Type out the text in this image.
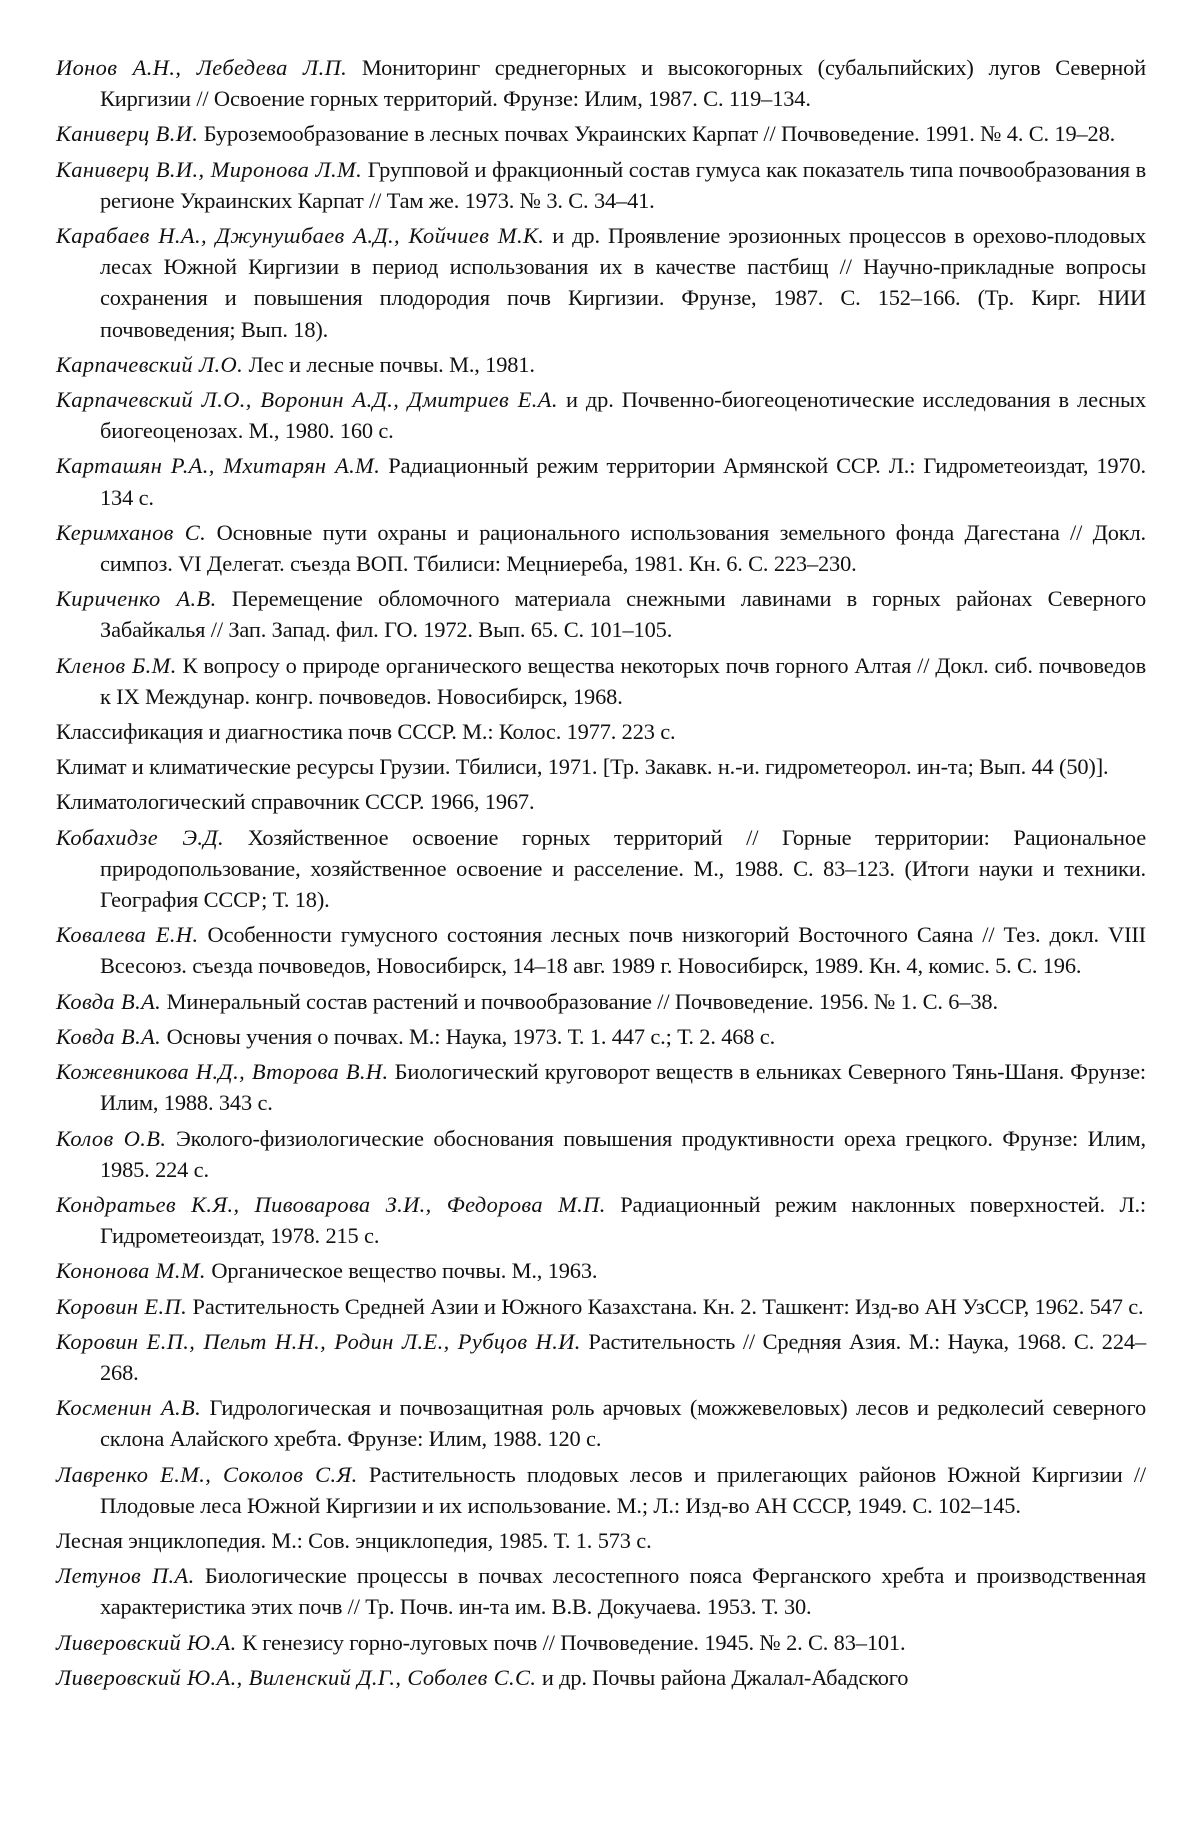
Ионов А.Н., Лебедева Л.П. Мониторинг среднегорных и высокогорных (субальпийских) лугов Северной Киргизии // Освоение горных территорий. Фрунзе: Илим, 1987. С. 119–134.

Каниверц В.И. Буроземообразование в лесных почвах Украинских Карпат // Почвоведение. 1991. № 4. С. 19–28.

Каниверц В.И., Миронова Л.М. Групповой и фракционный состав гумуса как показатель типа почвообразования в регионе Украинских Карпат // Там же. 1973. № 3. С. 34–41.

Карабаев Н.А., Джунушбаев А.Д., Койчиев М.К. и др. Проявление эрозионных процессов в орехово-плодовых лесах Южной Киргизии в период использования их в качестве пастбищ // Научно-прикладные вопросы сохранения и повышения плодородия почв Киргизии. Фрунзе, 1987. С. 152–166. (Тр. Кирг. НИИ почвоведения; Вып. 18).

Карпачевский Л.О. Лес и лесные почвы. М., 1981.

Карпачевский Л.О., Воронин А.Д., Дмитриев Е.А. и др. Почвенно-биогеоценотические исследования в лесных биогеоценозах. М., 1980. 160 с.

Карташян Р.А., Мхитарян А.М. Радиационный режим территории Армянской ССР. Л.: Гидрометеоиздат, 1970. 134 с.

Керимханов С. Основные пути охраны и рационального использования земельного фонда Дагестана // Докл. симпоз. VI Делегат. съезда ВОП. Тбилиси: Мецниереба, 1981. Кн. 6. С. 223–230.

Кириченко А.В. Перемещение обломочного материала снежными лавинами в горных районах Северного Забайкалья // Зап. Запад. фил. ГО. 1972. Вып. 65. С. 101–105.

Кленов Б.М. К вопросу о природе органического вещества некоторых почв горного Алтая // Докл. сиб. почвоведов к IX Междунар. конгр. почвоведов. Новосибирск, 1968.

Классификация и диагностика почв СССР. М.: Колос. 1977. 223 с.

Климат и климатические ресурсы Грузии. Тбилиси, 1971. [Тр. Закавк. н.-и. гидрометеорол. ин-та; Вып. 44 (50)].

Климатологический справочник СССР. 1966, 1967.

Кобахидзе Э.Д. Хозяйственное освоение горных территорий // Горные территории: Рациональное природопользование, хозяйственное освоение и расселение. М., 1988. С. 83–123. (Итоги науки и техники. География СССР; Т. 18).

Ковалева Е.Н. Особенности гумусного состояния лесных почв низкогорий Восточного Саяна // Тез. докл. VIII Всесоюз. съезда почвоведов, Новосибирск, 14–18 авг. 1989 г. Новосибирск, 1989. Кн. 4, комис. 5. С. 196.

Ковда В.А. Минеральный состав растений и почвообразование // Почвоведение. 1956. № 1. С. 6–38.

Ковда В.А. Основы учения о почвах. М.: Наука, 1973. Т. 1. 447 с.; Т. 2. 468 с.

Кожевникова Н.Д., Второва В.Н. Биологический круговорот веществ в ельниках Северного Тянь-Шаня. Фрунзе: Илим, 1988. 343 с.

Колов О.В. Эколого-физиологические обоснования повышения продуктивности ореха грецкого. Фрунзе: Илим, 1985. 224 с.

Кондратьев К.Я., Пивоварова З.И., Федорова М.П. Радиационный режим наклонных поверхностей. Л.: Гидрометеоиздат, 1978. 215 с.

Кононова М.М. Органическое вещество почвы. М., 1963.

Коровин Е.П. Растительность Средней Азии и Южного Казахстана. Кн. 2. Ташкент: Изд-во АН УзССР, 1962. 547 с.

Коровин Е.П., Пельт Н.Н., Родин Л.Е., Рубцов Н.И. Растительность // Средняя Азия. М.: Наука, 1968. С. 224–268.

Косменин А.В. Гидрологическая и почвозащитная роль арчовых (можжевеловых) лесов и редколесий северного склона Алайского хребта. Фрунзе: Илим, 1988. 120 с.

Лавренко Е.М., Соколов С.Я. Растительность плодовых лесов и прилегающих районов Южной Киргизии // Плодовые леса Южной Киргизии и их использование. М.; Л.: Изд-во АН СССР, 1949. С. 102–145.

Лесная энциклопедия. М.: Сов. энциклопедия, 1985. Т. 1. 573 с.

Летунов П.А. Биологические процессы в почвах лесостепного пояса Ферганского хребта и производственная характеристика этих почв // Тр. Почв. ин-та им. В.В. Докучаева. 1953. Т. 30.

Ливеровский Ю.А. К генезису горно-луговых почв // Почвоведение. 1945. № 2. С. 83–101.

Ливеровский Ю.А., Виленский Д.Г., Соболев С.С. и др. Почвы района Джалал-Абадского
